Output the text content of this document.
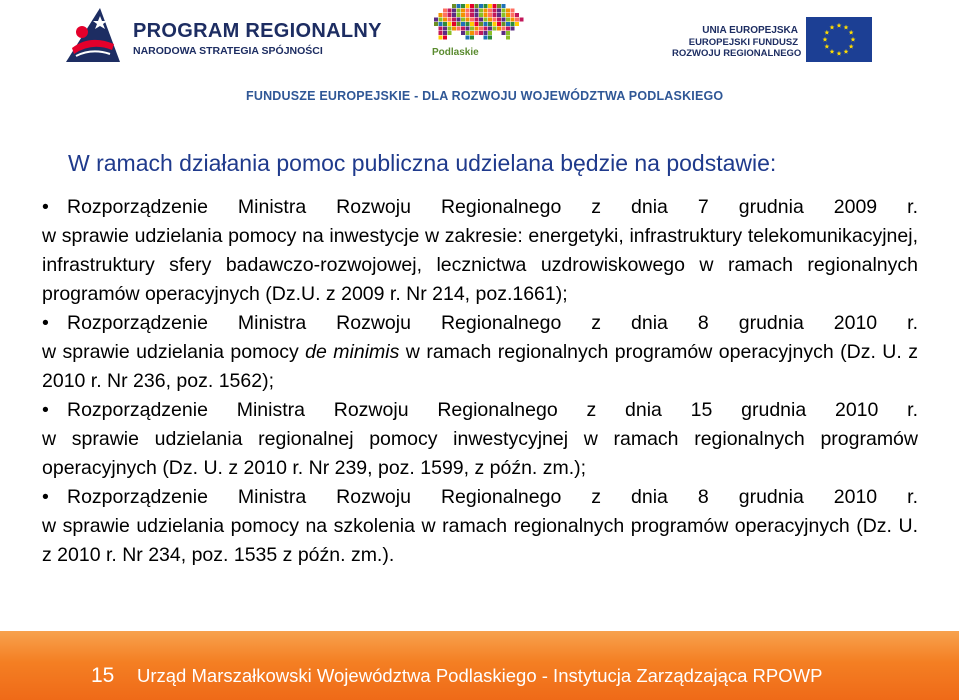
PROGRAM REGIONALNY
NARODOWA STRATEGIA SPÓJNOŚCI	Podlaskie
UNIA EUROPEJSKA
EUROPEJSKI FUNDUSZ
ROZWOJU REGIONALNEGO
FUNDUSZE EUROPEJSKIE - DLA ROZWOJU WOJEWÓDZTWA PODLASKIEGO
W ramach działania pomoc publiczna udzielana będzie na podstawie:

• Rozporządzenie Ministra Rozwoju Regionalnego z dnia 7 grudnia 2009 r.
w sprawie udzielania pomocy na inwestycje w zakresie: energetyki, infrastruktury telekomunikacyjnej, infrastruktury sfery badawczo-rozwojowej, lecznictwa uzdrowiskowego w ramach regionalnych programów operacyjnych (Dz.U. z 2009 r. Nr 214, poz.1661);

• Rozporządzenie Ministra Rozwoju Regionalnego z dnia 8 grudnia 2010 r.
w sprawie udzielania pomocy de minimis w ramach regionalnych programów operacyjnych (Dz. U. z 2010 r. Nr 236, poz. 1562);

• Rozporządzenie Ministra Rozwoju Regionalnego z dnia 15 grudnia 2010 r.
w sprawie udzielania regionalnej pomocy inwestycyjnej w ramach regionalnych programów operacyjnych (Dz. U. z 2010 r. Nr 239, poz. 1599, z późn. zm.);

• Rozporządzenie Ministra Rozwoju Regionalnego z dnia 8 grudnia 2010 r.
w sprawie udzielania pomocy na szkolenia w ramach regionalnych programów operacyjnych (Dz. U. z 2010 r. Nr 234, poz. 1535 z późn. zm.).

15 Urząd Marszałkowski Województwa Podlaskiego - Instytucja Zarządzająca RPOWP
